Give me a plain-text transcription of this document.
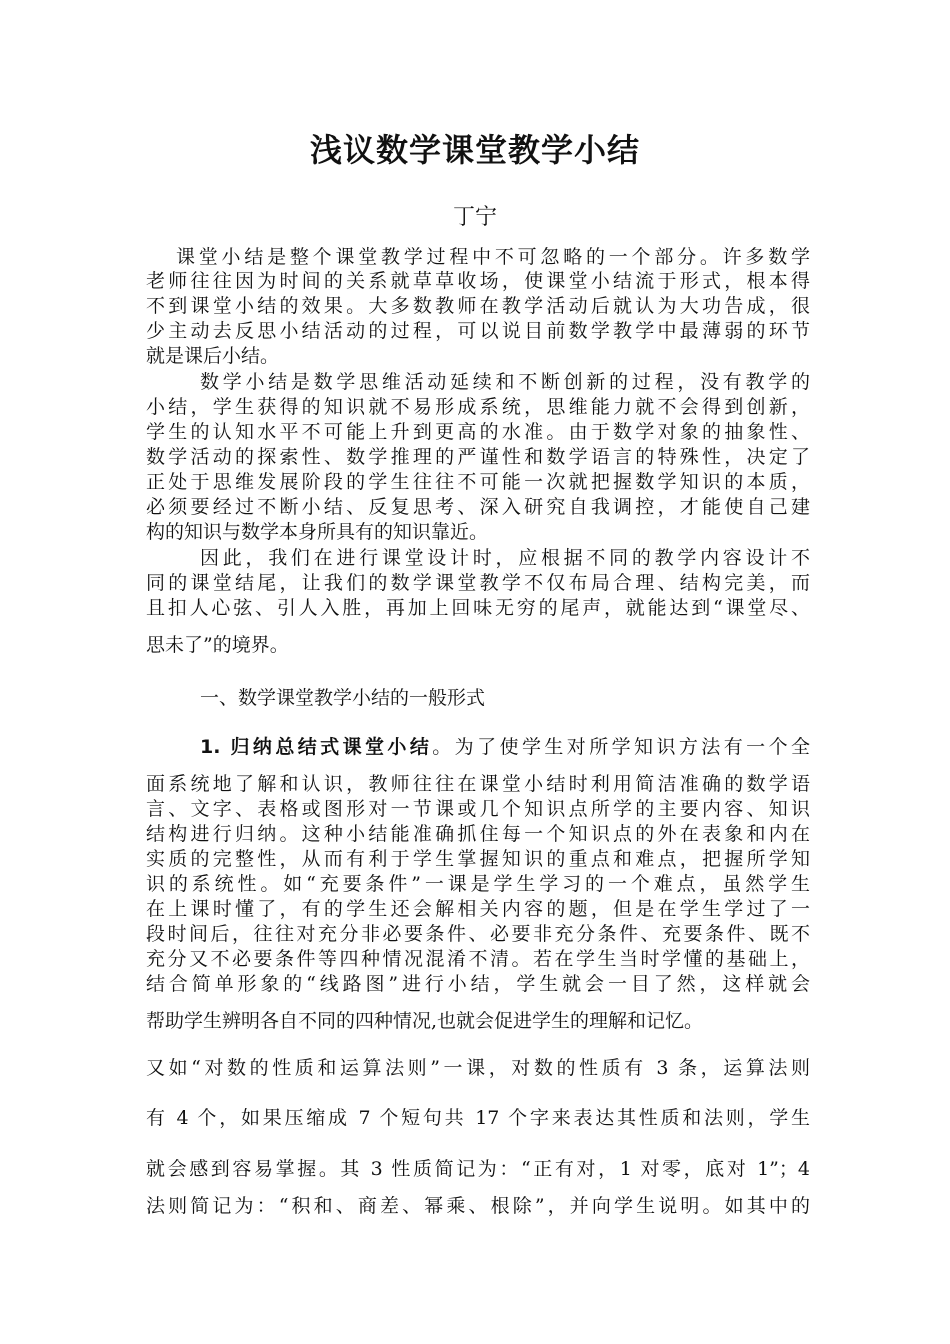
浅议数学课堂教学小结
丁宁
课堂小结是整个课堂教学过程中不可忽略的一个部分。许多数学
老师往往因为时间的关系就草草收场，使课堂小结流于形式，根本得
不到课堂小结的效果。大多数教师在教学活动后就认为大功告成，很
少主动去反思小结活动的过程，可以说目前数学教学中最薄弱的环节
就是课后小结。
数学小结是数学思维活动延续和不断创新的过程，没有教学的
小结，学生获得的知识就不易形成系统，思维能力就不会得到创新，
学生的认知水平不可能上升到更高的水准。由于数学对象的抽象性、
数学活动的探索性、数学推理的严谨性和数学语言的特殊性，决定了
正处于思维发展阶段的学生往往不可能一次就把握数学知识的本质，
必须要经过不断小结、反复思考、深入研究自我调控，才能使自己建
构的知识与数学本身所具有的知识靠近。
因此，我们在进行课堂设计时，应根据不同的教学内容设计不
同的课堂结尾，让我们的数学课堂教学不仅布局合理、结构完美，而
且扣人心弦、引人入胜，再加上回味无穷的尾声，就能达到“课堂尽、
思未了”的境界。
一、数学课堂教学小结的一般形式
1. 归纳总结式课堂小结。为了使学生对所学知识方法有一个全
面系统地了解和认识，教师往往在课堂小结时利用简洁准确的数学语
言、文字、表格或图形对一节课或几个知识点所学的主要内容、知识
结构进行归纳。这种小结能准确抓住每一个知识点的外在表象和内在
实质的完整性，从而有利于学生掌握知识的重点和难点，把握所学知
识的系统性。如“充要条件”一课是学生学习的一个难点，虽然学生
在上课时懂了，有的学生还会解相关内容的题，但是在学生学过了一
段时间后，往往对充分非必要条件、必要非充分条件、充要条件、既不
充分又不必要条件等四种情况混淆不清。若在学生当时学懂的基础上，
结合简单形象的“线路图”进行小结，学生就会一目了然，这样就会
帮助学生辨明各自不同的四种情况,也就会促进学生的理解和记忆。
又如“对数的性质和运算法则”一课，对数的性质有 3 条，运算法则
有 4 个，如果压缩成 7 个短句共 17 个字来表达其性质和法则，学生
就会感到容易掌握。其 3 性质简记为：“正有对，1 对零，底对 1”；4
法则简记为：“积和、商差、幂乘、根除”，并向学生说明。如其中的
